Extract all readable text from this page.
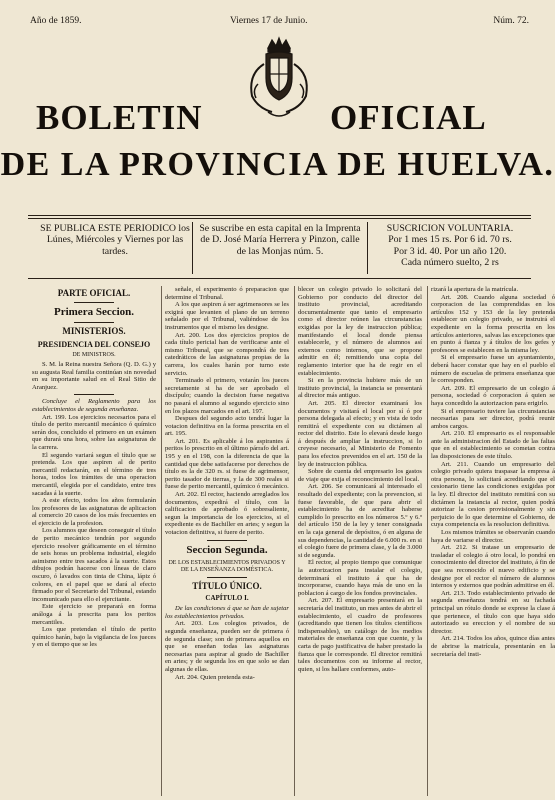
Año de 1859.	Viernes 17 de Junio.	Núm. 72.
BOLETIN	OFICIAL
DE LA PROVINCIA DE HUELVA.
SE PUBLICA ESTE PERIODICO los Lúnes, Miércoles y Viernes por las tardes.
Se suscribe en esta capital en la Imprenta de D. José María Herrera y Pinzon, calle de las Monjas núm. 5.
SUSCRICION VOLUNTARIA.
Por 1 mes 15 rs. Por 6 id. 70 rs.
Por 3 id. 40. Por un año 120.
Cada número suelto, 2 rs
PARTE OFICIAL.
Primera Seccion.
MINISTERIOS.
PRESIDENCIA DEL CONSEJO
DE MINISTROS.

S. M. la Reina nuestra Señora (Q. D. G.) y su augusta Real familia continúan sin novedad en su importante salud en el Real Sitio de Aranjuez.

Concluye el Reglamento para los establecimientos de segunda enseñanza.

Art. 199. Los ejercicios necesarios para el título de perito mercantil mecánico ó químico serán dos, concluido el primero en un exámen que durará una hora, sobre las asignaturas de la carrera.

El segundo variará segun el título que se pretenda. Los que aspiren al de perito mercantil redactarán, en el término de tres horas, todos los trámites de una operacion mercantil, elegida por el candidato, entre tres sacadas á la suerte.

A este efecto, todos los años formularán los profesores de las asignaturas de aplicacion al comercio 20 casos de los más frecuentes en el ejercicio de la profesion.

Los alumnos que deseen conseguir el título de perito mecánico tendrán por segundo ejercicio resolver gráficamente en el término de seis horas un problema industrial, elegido asimismo entre tres sacados á la suerte. Estos dibujos podrán hacerse con líneas de claro oscuro, ó lavados con tinta de China, lápiz ó colores, en el papel que se dará al efecto firmado por el Secretario del Tribunal, estando incomunicado para ello el ejercitante.

Este ejercicio se preparará en forma análoga á la prescrita para los peritos mercantiles.

Los que pretendan el título de perito químico harán, bajo la vigilancia de los jueces y en el tiempo que se les

señale, el experimento ó preparacion que determine el Tribunal.

A los que aspiren á ser agrimensores se les exigirá que levanten el plano de un terreno señalado por el Tribunal, valiéndose de los instrumentos que el mismo les designe.

Art. 200. Los dos ejercicios propios de cada título pericial han de verificarse ante el mismo Tribunal, que se compondrá de tres catedráticos de las asignaturas propias de la carrera, los cuales harán por turno este servicio.

Terminado el primero, votarán los jueces secretamente si ha de ser aprobado el discípulo; cuando la decision fuese negativa no pasará el alumno al segundo ejercicio sino en los plazos marcados en el art. 197.

Despues del segundo acto tendrá lugar la votacion definitiva en la forma prescrita en el art. 195.

Art. 201. Es aplicable á los aspirantes á peritos lo prescrito en el último párrafo del art. 195 y en el 198, con la diferencia de que la cantidad que debe satisfacerse por derechos de título es la de 320 rs. si fuese de agrimensor, perito tasador de tierras, y la de 300 reales si fuese de perito mercantil, químico ó mecánico.

Art. 202. El rector, haciendo arreglados los documentos, expedirá el título, con la calificacion de aprobado ó sobresaliente, segun la importancia de los ejercicios, si el expediente es de Bachiller en artes; y segun la votacion definitiva, si fuere de perito.

Seccion Segunda.
DE LOS ESTABLECIMIENTOS PRIVADOS Y DE LA ENSEÑANZA DOMÉSTICA.
TÍTULO ÚNICO.
CAPÍTULO I.

De las condiciones á que se han de sujetar los establecimientos privados.

Art. 203. Los colegios privados, de segunda enseñanza, pueden ser de primera ó de segunda clase; son de primera aquellos en que se enseñan todas las asignaturas necesarias para aspirar al grado de Bachiller en artes; y de segunda los en que solo se dan algunas de ellas.

Art. 204. Quien pretenda esta-

blecer un colegio privado lo solicitará del Gobierno por conducto del director del instituto provincial, acreditando documentalmente que tanto el empresario como el director reúnen las circunstancias exigidas por la ley de instruccion pública; manifestando el local donde piensa establecerle, y el número de alumnos así externos como internos, que se propone admitir en él; remitiendo una copia del reglamento interior que ha de regir en el establecimiento.

Si en la provincia hubiere más de un instituto provincial, la instancia se presentará al director más antiguo.

Art. 205. El director examinará los documentos y visitará el local por sí ó por persona delegada al efecto; y en vista de todo remitirá el expediente con su dictámen al rector del distrito. Este lo elevará desde luego á después de ampliar la instruccion, si lo creyese necesario, al Ministerio de Fomento para los efectos prevenidos en el art. 150 de la ley de instruccion pública.

Sobre de cuenta del empresario los gastos de viaje que exija el reconocimiento del local.

Art. 206. Se comunicará al interesado el resultado del expediente; con la prevencion, si fuese favorable, de que para abrir el establecimiento ha de acreditar haberse cumplido lo prescrito en los números 5.º y 6.º del artículo 150 de la ley y tener consignada en la caja general de depósitos, ó en alguna de sus dependencias, la cantidad de 6.000 rs. en si el colegio fuere de primera clase, y la de 3.000 si de segunda.

El rector, al propio tiempo que comunique la autorizacion para instalar el colegio, determinará el instituto á que ha de incorporarse, cuando haya más de uno en la poblacion á cargo de los fondos provinciales.

Art. 207. El empresario presentará en la secretaría del instituto, un mes antes de abrir el establecimiento, el cuadro de profesores (acreditando que tienen los títulos científicos indispensables), un catálogo de los medios materiales de enseñanza con que cuente, y la carta de pago justificativa de haber prestado la fianza que le corresponde. El director remitirá tales documentos con su informe al rector, quien, si los hallare conformes, auto-

rizará la apertura de la matrícula.

Art. 208. Cuando alguna sociedad ó corporacion de las comprendidas en los artículos 152 y 153 de la ley pretenda establecer un colegio privado, se instruirá el expediente en la forma prescrita en los artículos anteriores, salvas las excepciones que en punto á fianza y á títulos de los gefes y profesores se establecen en la misma ley.

Si el empresario fuese un ayuntamiento, deberá hacer constar que hay en el pueblo el número de escuelas de primera enseñanza que le corresponden.

Art. 209. El empresario de un colegio á persona, sociedad ó corporacion á quien se haya concedido la autorizacion para erigirlo.

Si el empresario tuviere las circunstancias necesarias para ser director, podrá reunir ambos cargos.

Art. 210. El empresario es el responsable ante la administracion del Estado de las faltas que en el establecimiento se cometan contra las disposiciones de este título.

Art. 211. Cuando un empresario del colegio privado quiera traspasar la empresa á otra persona, lo solicitará acreditando que el cesionario tiene las condiciones exigidas por la ley. El director del instituto remitirá con su dictámen la instancia al rector, quien podrá autorizar la cesion provisionalmente y sin perjuicio de lo que determine el Gobierno, de cuya competencia es la resolucion definitiva.

Los mismos trámites se observarán cuando haya de variarse el director.

Art. 212. Si tratase un empresario de trasladar el colegio á otro local, lo pondrá en conocimiento del director del instituto, á fin de que sea reconocido el nuevo edificio y se designe por el rector el número de alumnos internos y externos que podrán admitirse en él.

Art. 213. Todo establecimiento privado de segunda enseñanza tendrá en su fachada principal un rótulo donde se exprese la clase á que pertenece, el título con que haya sido autorizado su ereccion y el nombre de su director.

Art. 214. Todos los años, quince días antes de abrirse la matrícula, presentarán en la secretaría del insti-
